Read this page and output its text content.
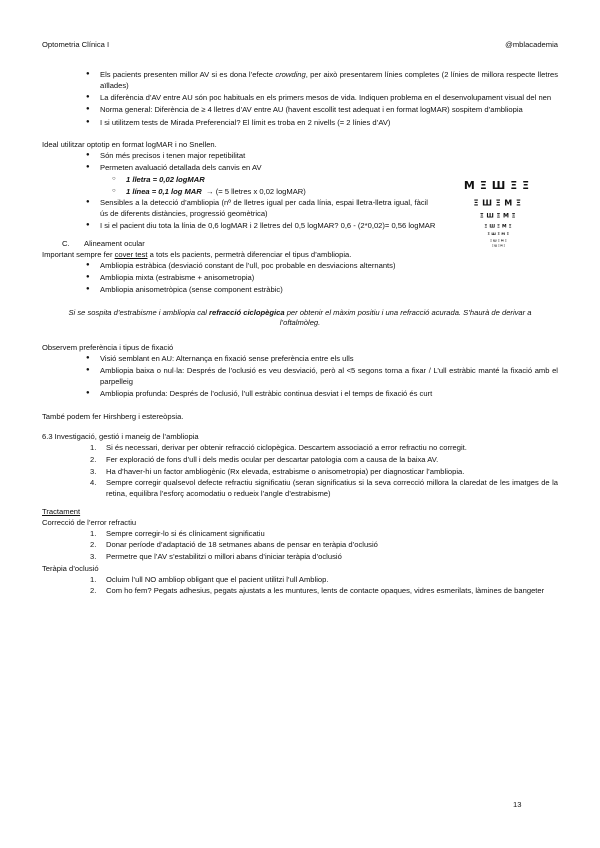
Optometria Clínica I	@mblacademia
ΜΞШΞΞ
ΞШΞΜΞ
ΞШΞΜΞ
ΞШΞΜΞ
ΞШΞΜΞ
ΞШΞΜΞ
ΞШΞΜΞ
● Els pacients presenten millor AV si es dona l’efecte crowding, per això presentarem línies completes (2 línies de millora respecte lletres aïllades)
● La diferència d’AV entre AU són poc habituals en els primers mesos de vida. Indiquen problema en el desenvolupament visual del nen
● Norma general: Diferència de ≥ 4 lletres d’AV entre AU (havent escollit test adequat i en format logMAR) sospitem d’ambliopia
● I si utilitzem tests de Mirada Preferencial? El límit es troba en 2 nivells (= 2 línies d’AV)

Ideal utilitzar optotip en format logMAR i no Snellen.

● Són més precisos i tenen major repetibilitat
● Permeten avaluació detallada dels canvis en AV
○ 1 lletra = 0,02 logMAR
○ 1 línea = 0,1 log MAR → (= 5 lletres x 0,02 logMAR)
● Sensibles a la detecció d’ambliopia (nº de lletres igual per cada línia, espai lletra-lletra igual, fàcil ús de diferents distàncies, progressió geomètrica)
● I si el pacient diu tota la línia de 0,6 logMAR i 2 lletres del 0,5 logMAR? 0,6 - (2*0,02)= 0,56 logMAR
C. Alineament ocular

Important sempre fer cover test a tots els pacients, permetrà diferenciar el tipus d’ambliopia.

● Ambliopia estràbica (desviació constant de l’ull, poc probable en desviacions alternants)
● Ambliopia mixta (estrabisme + anisometropia)
● Ambliopia anisometròpica (sense component estràbic)

Si se sospita d’estrabisme i ambliopia cal refracció ciclopègica per obtenir el màxim positiu i una refracció acurada. S’haurà de derivar a l’oftalmòleg.

Observem preferència i tipus de fixació

● Visió semblant en AU: Alternança en fixació sense preferència entre els ulls
● Ambliopia baixa o nul·la: Després de l’oclusió es veu desviació, però al <5 segons torna a fixar / L’ull estràbic manté la fixació amb el parpelleig
● Ambliopia profunda: Després de l’oclusió, l’ull estràbic continua desviat i el temps de fixació és curt

També podem fer Hirshberg i estereòpsia.

6.3 Investigació, gestió i maneig de l’ambliopia

1. Si és necessari, derivar per obtenir refracció ciclopègica. Descartem associació a error refractiu no corregit.
2. Fer exploració de fons d’ull i dels medis ocular per descartar patologia com a causa de la baixa AV.
3. Ha d’haver-hi un factor ambliogènic (Rx elevada, estrabisme o anisometropia) per diagnosticar l’ambliopia.
4. Sempre corregir qualsevol defecte refractiu significatiu (seran significatius si la seva correcció millora la claredat de les imatges de la retina, equilibra l’esforç acomodatiu o redueix l’angle d’estrabisme)

Tractament

Correcció de l’error refractiu

1. Sempre corregir-lo si és clínicament significatiu
2. Donar període d’adaptació de 18 setmanes abans de pensar en teràpia d’oclusió
3. Permetre que l’AV s’estabilitzi o millori abans d’iniciar teràpia d’oclusió

Teràpia d’oclusió

1. Ocluim l’ull NO ambliop obligant que el pacient utilitzi l’ull Ambliop.
2. Com ho fem? Pegats adhesius, pegats ajustats a les muntures, lents de contacte opaques, vidres esmerilats, làmines de bangeter
13
